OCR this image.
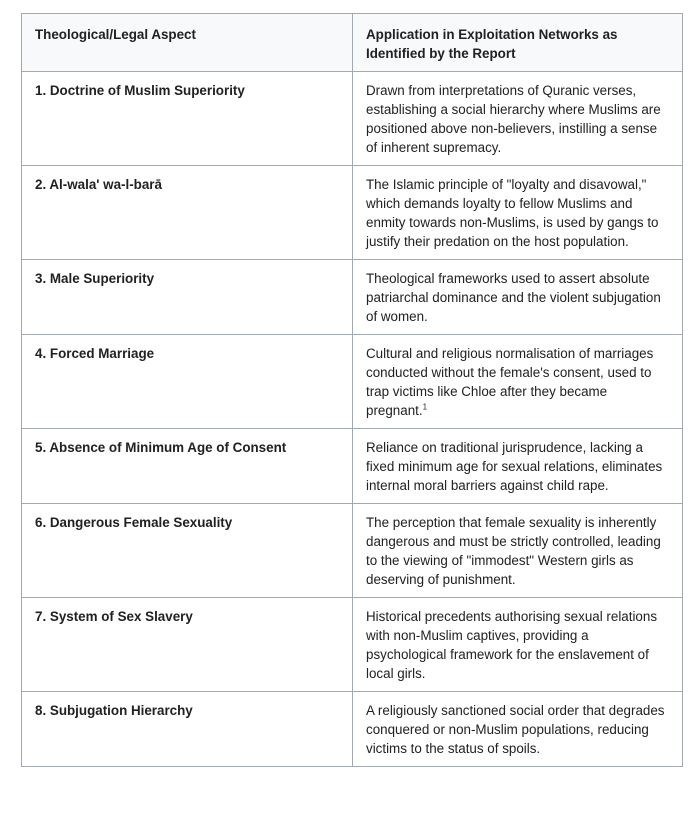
Theological/Legal Aspect	Application in Exploitation Networks as Identified by the Report
1. Doctrine of Muslim Superiority	Drawn from interpretations of Quranic verses, establishing a social hierarchy where Muslims are positioned above non-believers, instilling a sense of inherent supremacy.
2. Al-wala' wa-l-barā	The Islamic principle of "loyalty and disavowal," which demands loyalty to fellow Muslims and enmity towards non-Muslims, is used by gangs to justify their predation on the host population.
3. Male Superiority	Theological frameworks used to assert absolute patriarchal dominance and the violent subjugation of women.
4. Forced Marriage	Cultural and religious normalisation of marriages conducted without the female's consent, used to trap victims like Chloe after they became pregnant.$^1$
5. Absence of Minimum Age of Consent	Reliance on traditional jurisprudence, lacking a fixed minimum age for sexual relations, eliminates internal moral barriers against child rape.
6. Dangerous Female Sexuality	The perception that female sexuality is inherently dangerous and must be strictly controlled, leading to the viewing of "immodest" Western girls as deserving of punishment.
7. System of Sex Slavery	Historical precedents authorising sexual relations with non-Muslim captives, providing a psychological framework for the enslavement of local girls.
8. Subjugation Hierarchy	A religiously sanctioned social order that degrades conquered or non-Muslim populations, reducing victims to the status of spoils.
